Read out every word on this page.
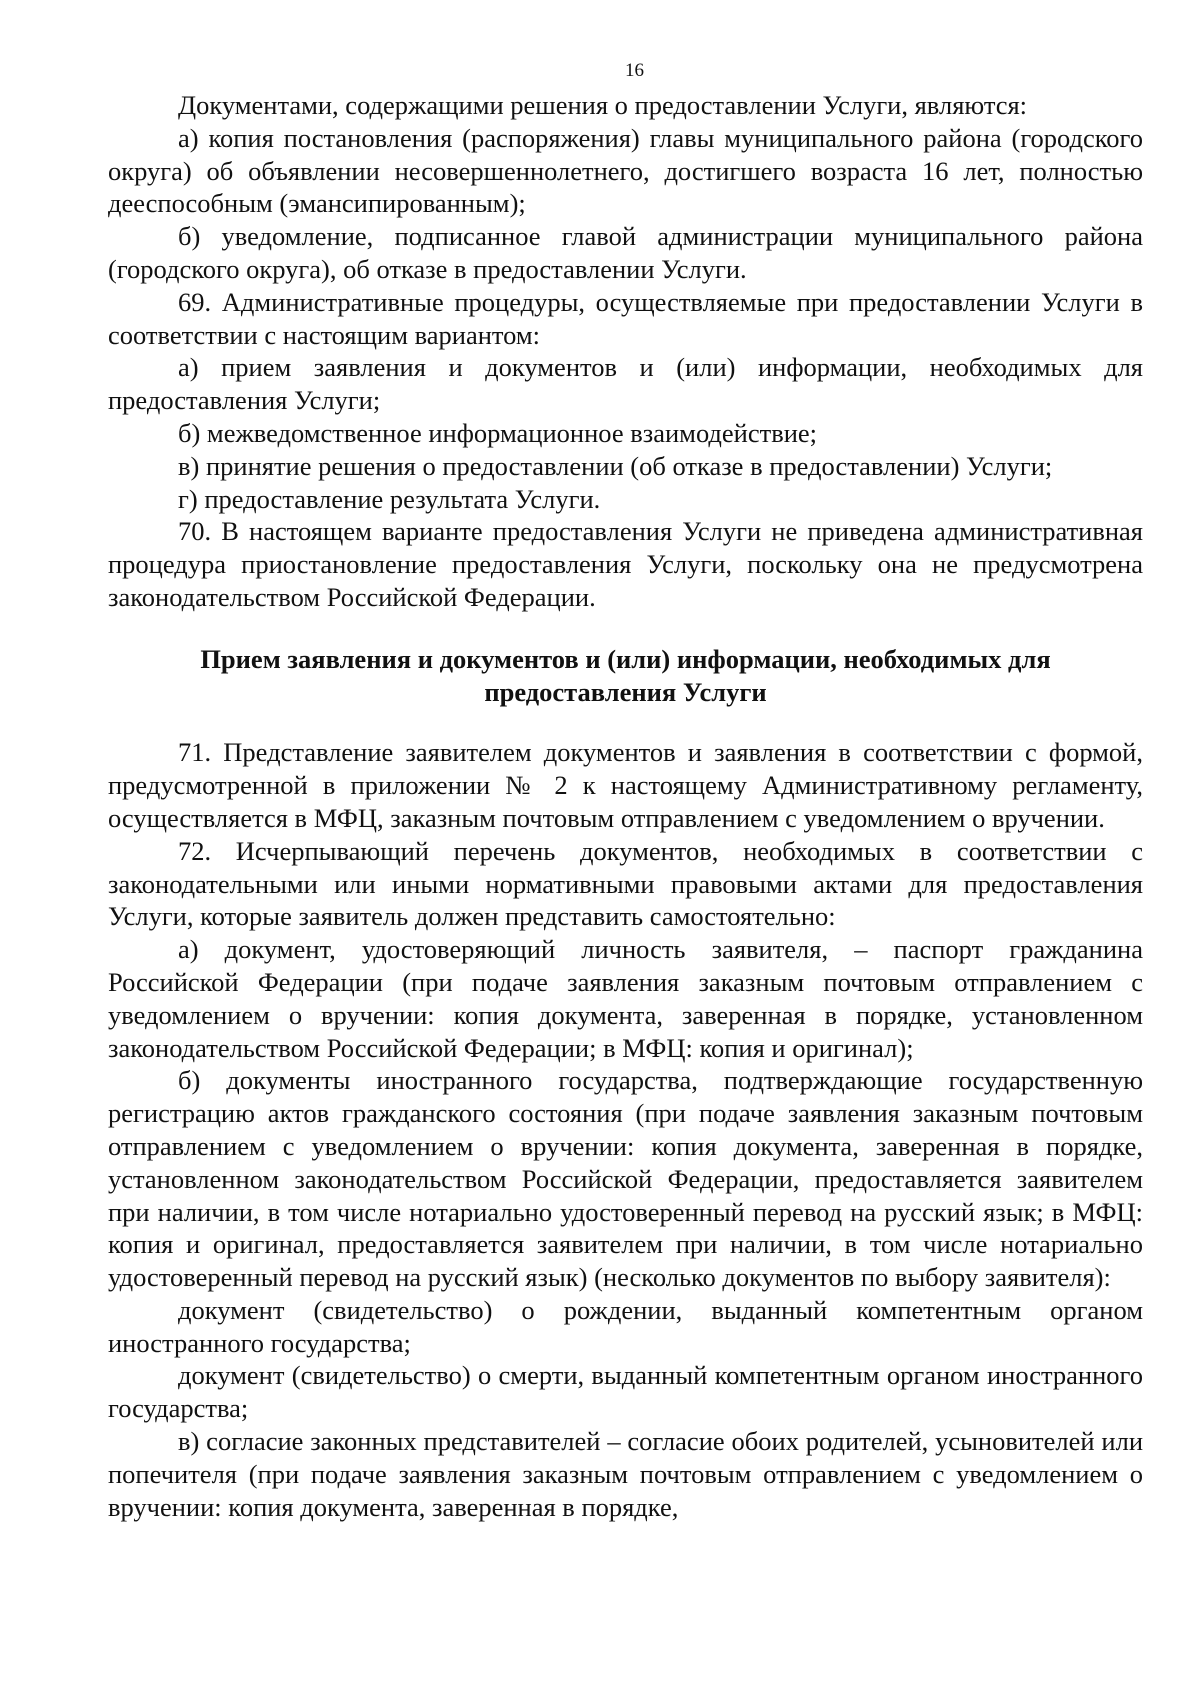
16

Документами, содержащими решения о предоставлении Услуги, являются:

а) копия постановления (распоряжения) главы муниципального района (городского округа) об объявлении несовершеннолетнего, достигшего возраста 16 лет, полностью дееспособным (эмансипированным);

б) уведомление, подписанное главой администрации муниципального района (городского округа), об отказе в предоставлении Услуги.

69. Административные процедуры, осуществляемые при предоставлении Услуги в соответствии с настоящим вариантом:

а) прием заявления и документов и (или) информации, необходимых для предоставления Услуги;

б) межведомственное информационное взаимодействие;

в) принятие решения о предоставлении (об отказе в предоставлении) Услуги;

г) предоставление результата Услуги.

70. В настоящем варианте предоставления Услуги не приведена административная процедура приостановление предоставления Услуги, поскольку она не предусмотрена законодательством Российской Федерации.

Прием заявления и документов и (или) информации, необходимых для предоставления Услуги

71. Представление заявителем документов и заявления в соответствии с формой, предусмотренной в приложении № 2 к настоящему Административному регламенту, осуществляется в МФЦ, заказным почтовым отправлением с уведомлением о вручении.

72. Исчерпывающий перечень документов, необходимых в соответствии с законодательными или иными нормативными правовыми актами для предоставления Услуги, которые заявитель должен представить самостоятельно:

а) документ, удостоверяющий личность заявителя, – паспорт гражданина Российской Федерации (при подаче заявления заказным почтовым отправлением с уведомлением о вручении: копия документа, заверенная в порядке, установленном законодательством Российской Федерации; в МФЦ: копия и оригинал);

б) документы иностранного государства, подтверждающие государственную регистрацию актов гражданского состояния (при подаче заявления заказным почтовым отправлением с уведомлением о вручении: копия документа, заверенная в порядке, установленном законодательством Российской Федерации, предоставляется заявителем при наличии, в том числе нотариально удостоверенный перевод на русский язык; в МФЦ: копия и оригинал, предоставляется заявителем при наличии, в том числе нотариально удостоверенный перевод на русский язык) (несколько документов по выбору заявителя):

документ (свидетельство) о рождении, выданный компетентным органом иностранного государства;

документ (свидетельство) о смерти, выданный компетентным органом иностранного государства;

в) согласие законных представителей – согласие обоих родителей, усыновителей или попечителя (при подаче заявления заказным почтовым отправлением с уведомлением о вручении: копия документа, заверенная в порядке,
